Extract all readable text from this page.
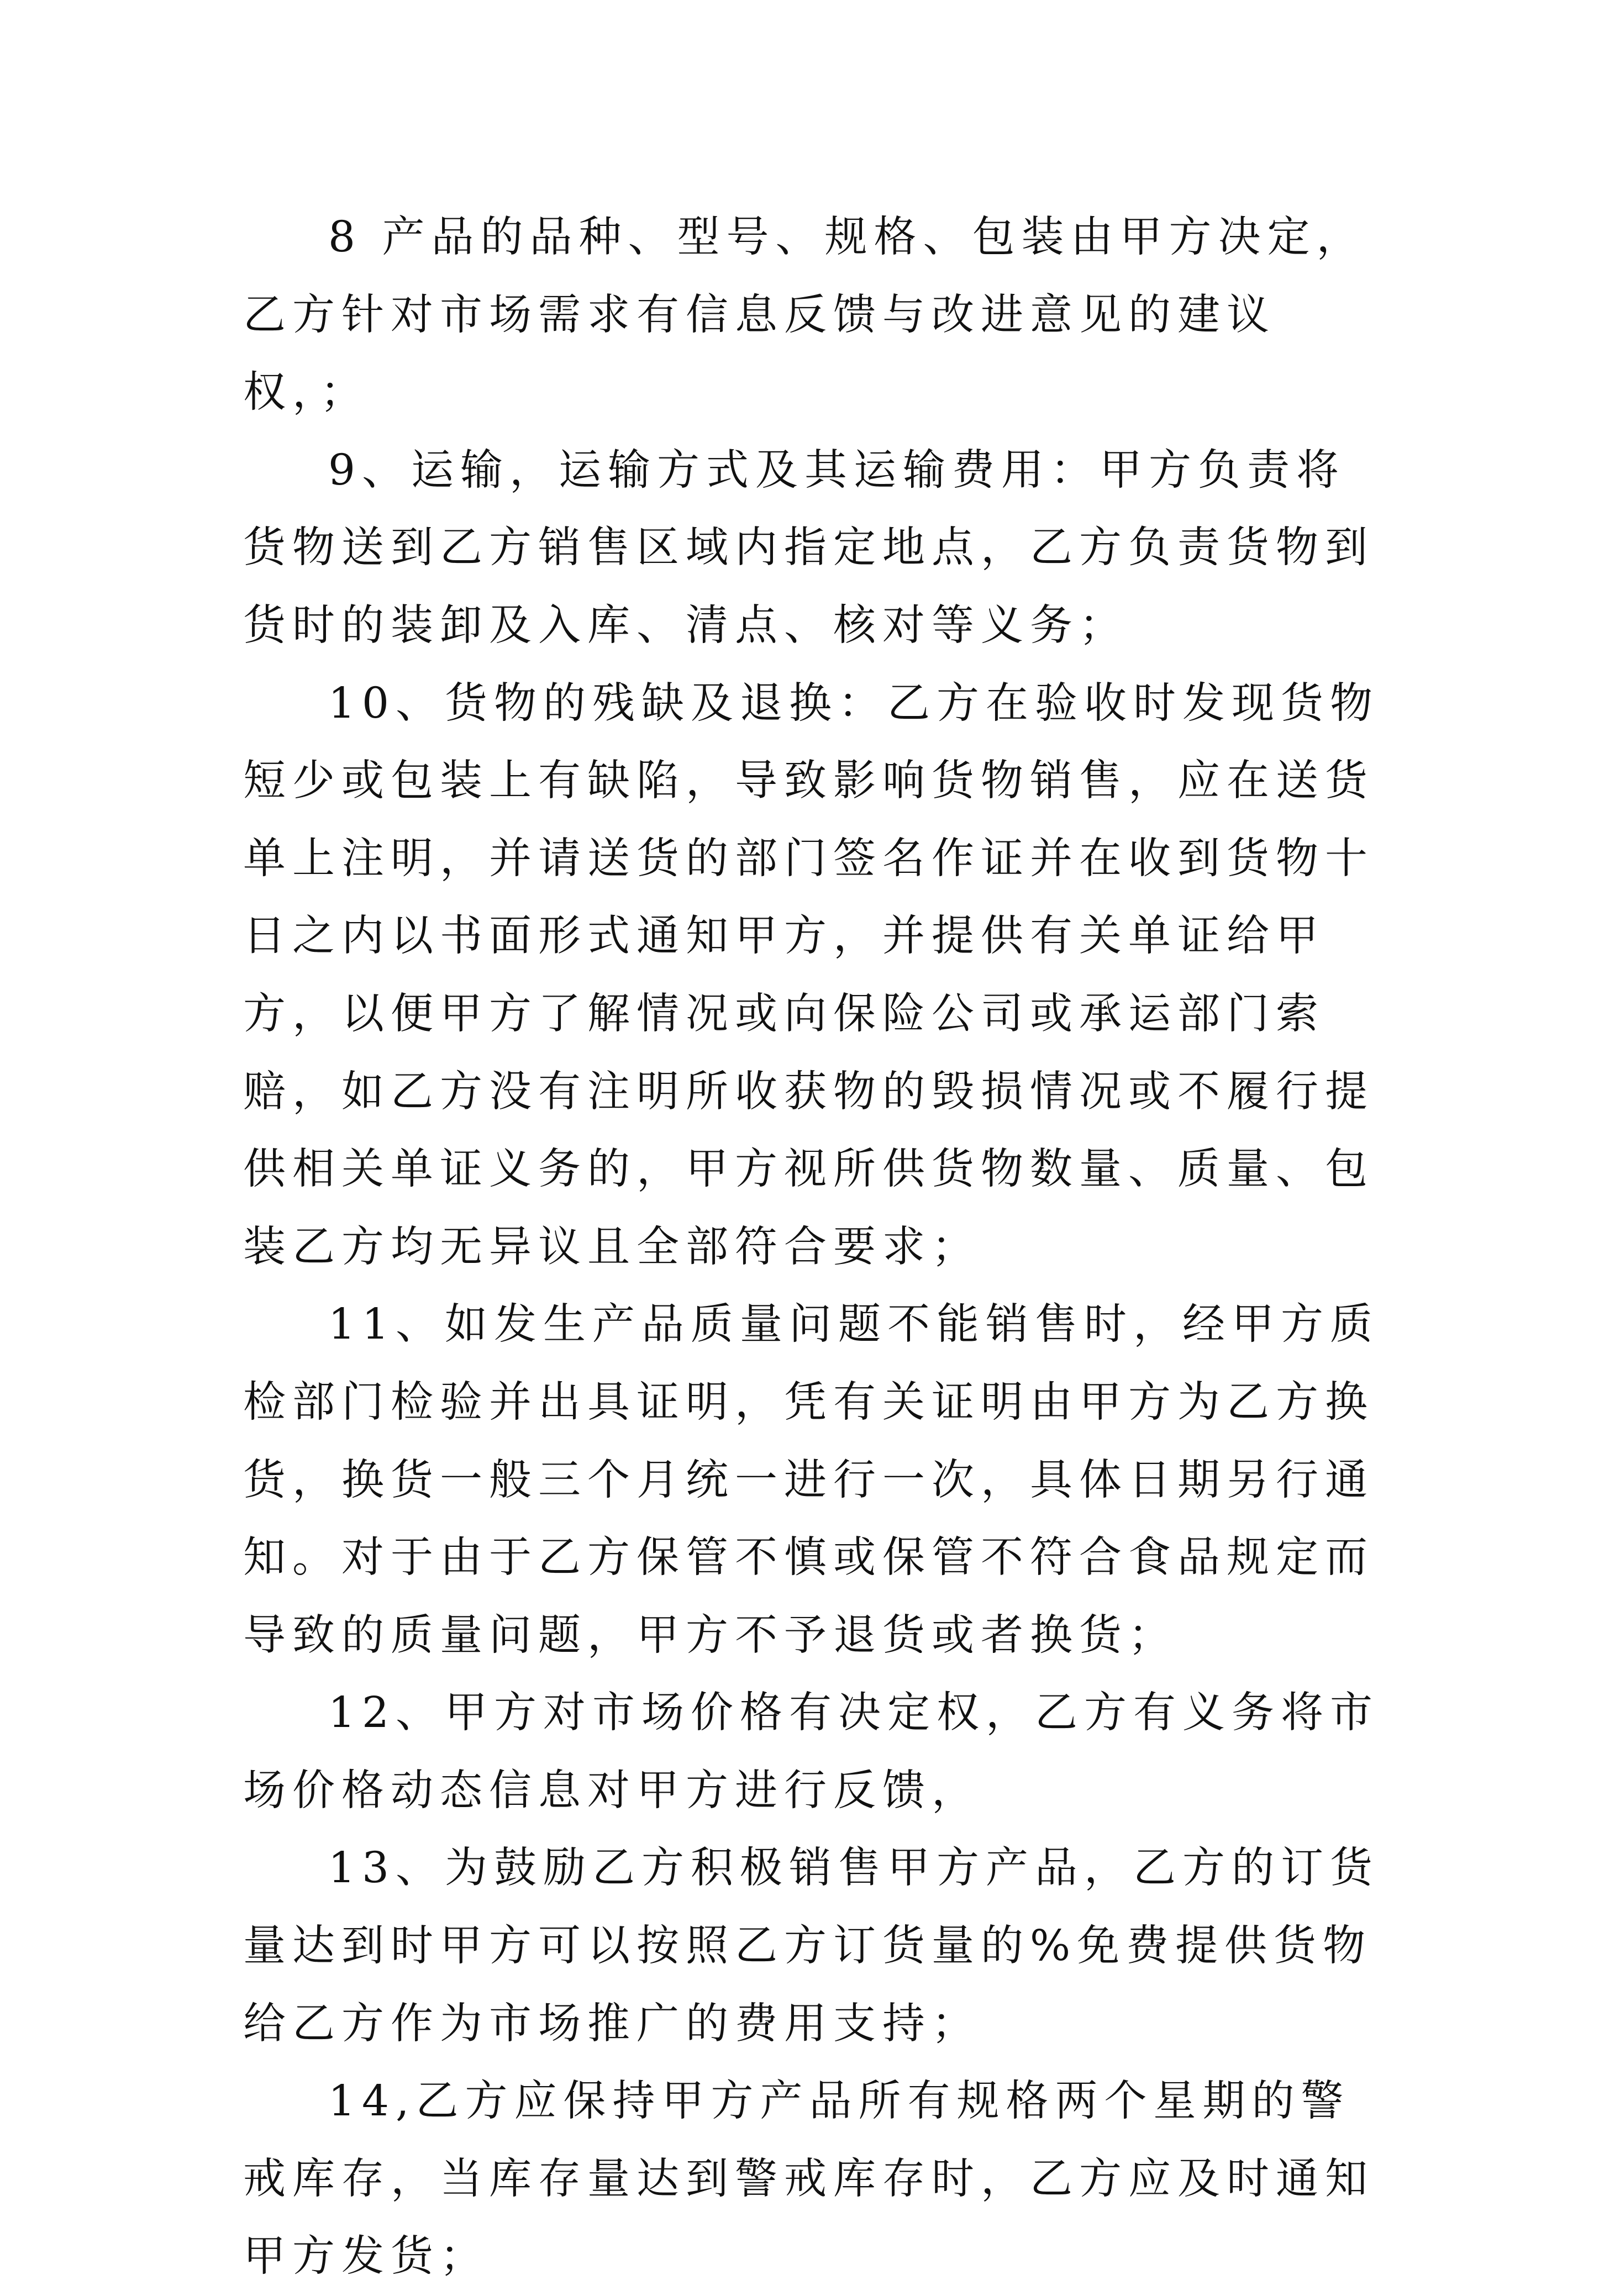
8 产品的品种、型号、规格、包装由甲方决定，乙方针对市场需求有信息反馈与改进意见的建议权，；

9、运输，运输方式及其运输费用：甲方负责将货物送到乙方销售区域内指定地点，乙方负责货物到货时的装卸及入库、清点、核对等义务；

10、货物的残缺及退换：乙方在验收时发现货物短少或包装上有缺陷，导致影响货物销售，应在送货单上注明，并请送货的部门签名作证并在收到货物十日之内以书面形式通知甲方，并提供有关单证给甲方，以便甲方了解情况或向保险公司或承运部门索赔，如乙方没有注明所收获物的毁损情况或不履行提供相关单证义务的，甲方视所供货物数量、质量、包装乙方均无异议且全部符合要求；

11、如发生产品质量问题不能销售时，经甲方质检部门检验并出具证明，凭有关证明由甲方为乙方换货，换货一般三个月统一进行一次，具体日期另行通知。对于由于乙方保管不慎或保管不符合食品规定而导致的质量问题，甲方不予退货或者换货；

12、甲方对市场价格有决定权，乙方有义务将市场价格动态信息对甲方进行反馈，

13、为鼓励乙方积极销售甲方产品，乙方的订货量达到时甲方可以按照乙方订货量的%免费提供货物给乙方作为市场推广的费用支持；

14,乙方应保持甲方产品所有规格两个星期的警戒库存，当库存量达到警戒库存时，乙方应及时通知甲方发货；
